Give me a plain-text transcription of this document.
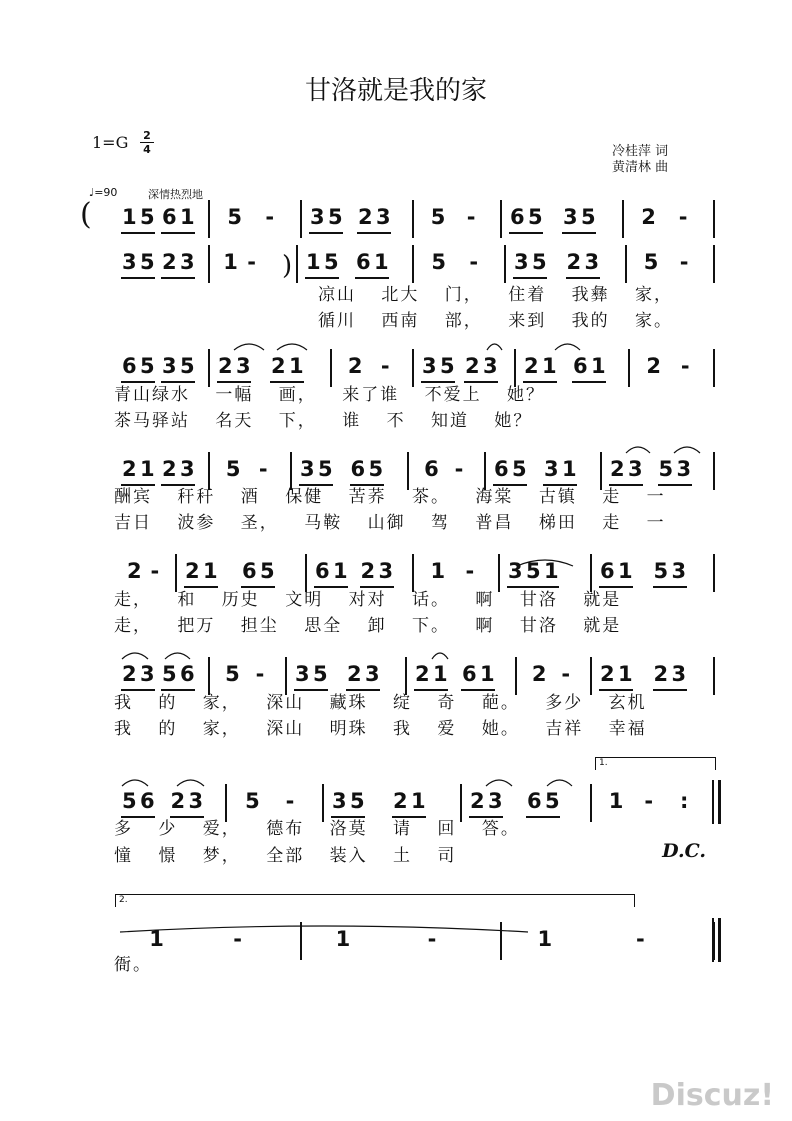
甘洛就是我的家
1=G 2
4	冷桂萍 词
黄清林 曲
♩=90	深情热烈地
( 1 5 6 1 5 - 3 5 2 3 5 - 6 5 3 5 2 -
3 5 2 3 1 - ) 1 5 6 1 5 - 3 5 2 3 5 -
凉山 北大 门， 住着 我彝 家，
循川 西南 部， 来到 我的 家。
6 5 3 5 2 3 2 1 2 - 3 5 2 3 2 1 6 1 2 -
青山绿水 一幅 画， 来了谁 不爱上 她？
茶马驿站 名天 下， 谁 不 知道 她？
2 1 2 3 5 - 3 5 6 5 6 - 6 5 3 1 2 3 5 3
酬宾 秆秆 酒 保健 苦荞 茶。 海棠 古镇 走 一
吉日 波参 圣， 马鞍 山御 驾 普昌 梯田 走 一
2 - 2 1 6 5 6 1 2 3 1 - 3 5 1 6 1 5 3
走， 和 历史 文明 对对 话。 啊 甘洛 就是
走， 把万 担尘 思全 卸 下。 啊 甘洛 就是
2 3 5 6 5 - 3 5 2 3 2 1 6 1 2 - 2 1 2 3
我 的 家， 深山 藏珠 绽 奇 葩。 多少 玄机
我 的 家， 深山 明珠 我 爱 她。 吉祥 幸福
5 6 2 3 5 - 3 5 2 1 2 3 6 5 1 - :
多 少 爱， 德布 洛莫 请 回 答。
憧 憬 梦， 全部 装入 土 司
1	-	1	-	1	-
衙。
1.
2.
D.C.
Discuz!
